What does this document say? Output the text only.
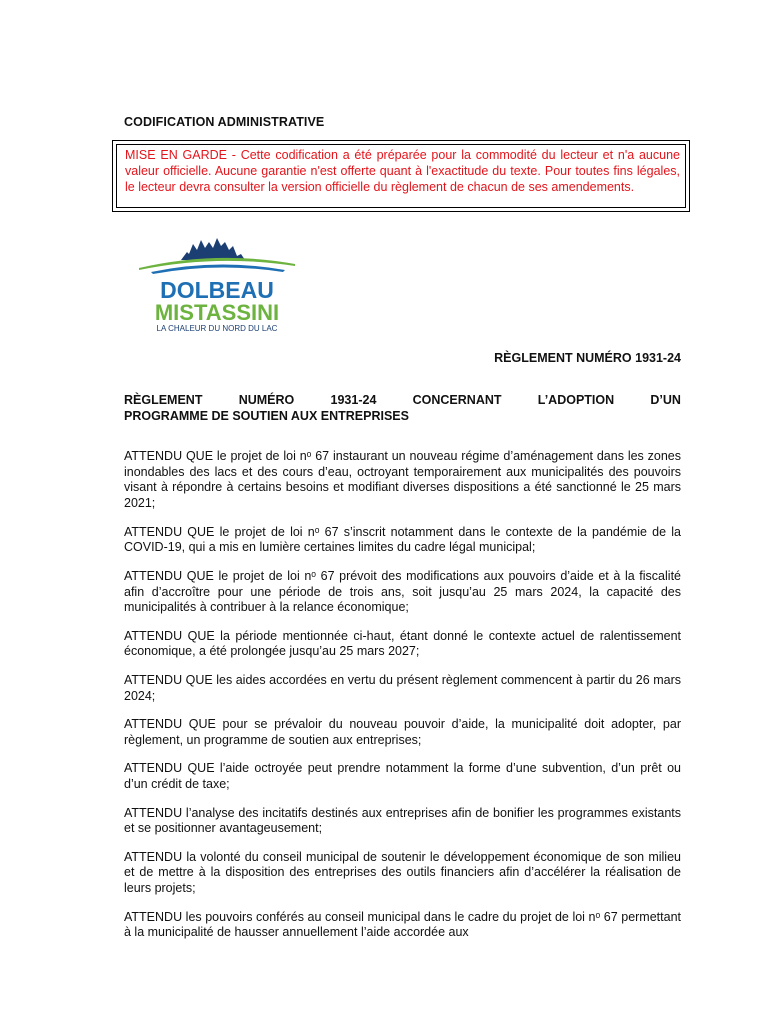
CODIFICATION ADMINISTRATIVE
MISE EN GARDE - Cette codification a été préparée pour la commodité du lecteur et n'a aucune valeur officielle. Aucune garantie n'est offerte quant à l'exactitude du texte. Pour toutes fins légales, le lecteur devra consulter la version officielle du règlement de chacun de ses amendements.
DOLBEAU
MISTASSINI
LA CHALEUR DU NORD DU LAC
RÈGLEMENT NUMÉRO 1931-24
RÈGLEMENT	NUMÉRO	1931-24	CONCERNANT	L’ADOPTION	D’UN
PROGRAMME DE SOUTIEN AUX ENTREPRISES

ATTENDU QUE le projet de loi nᵒ 67 instaurant un nouveau régime d’aménagement dans les zones inondables des lacs et des cours d’eau, octroyant temporairement aux municipalités des pouvoirs visant à répondre à certains besoins et modifiant diverses dispositions a été sanctionné le 25 mars 2021;

ATTENDU QUE le projet de loi nᵒ 67 s’inscrit notamment dans le contexte de la pandémie de la COVID-19, qui a mis en lumière certaines limites du cadre légal municipal;

ATTENDU QUE le projet de loi nᵒ 67 prévoit des modifications aux pouvoirs d’aide et à la fiscalité afin d’accroître pour une période de trois ans, soit jusqu’au 25 mars 2024, la capacité des municipalités à contribuer à la relance économique;

ATTENDU QUE la période mentionnée ci-haut, étant donné le contexte actuel de ralentissement économique, a été prolongée jusqu’au 25 mars 2027;

ATTENDU QUE les aides accordées en vertu du présent règlement commencent à partir du 26 mars 2024;

ATTENDU QUE pour se prévaloir du nouveau pouvoir d’aide, la municipalité doit adopter, par règlement, un programme de soutien aux entreprises;

ATTENDU QUE l’aide octroyée peut prendre notamment la forme d’une subvention, d’un prêt ou d’un crédit de taxe;

ATTENDU l’analyse des incitatifs destinés aux entreprises afin de bonifier les programmes existants et se positionner avantageusement;

ATTENDU la volonté du conseil municipal de soutenir le développement économique de son milieu et de mettre à la disposition des entreprises des outils financiers afin d’accélérer la réalisation de leurs projets;

ATTENDU les pouvoirs conférés au conseil municipal dans le cadre du projet de loi nᵒ 67 permettant à la municipalité de hausser annuellement l’aide accordée aux
